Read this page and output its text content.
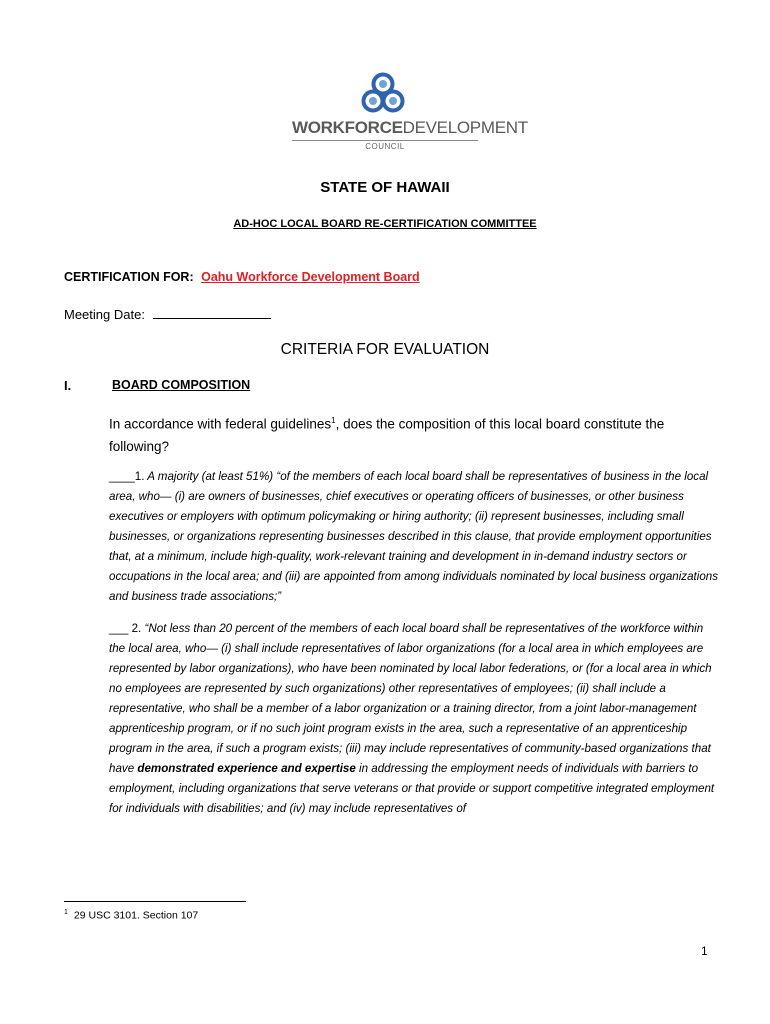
WORKFORCEDEVELOPMENT
COUNCIL
STATE OF HAWAII
AD-HOC LOCAL BOARD RE-CERTIFICATION COMMITTEE
CERTIFICATION FOR: Oahu Workforce Development Board
Meeting Date:
CRITERIA FOR EVALUATION
I.	BOARD COMPOSITION
In accordance with federal guidelines$^1$, does the composition of this local board constitute the following?
____1. A majority (at least 51%) “of the members of each local board shall be representatives of business in the local area, who— (i) are owners of businesses, chief executives or operating officers of businesses, or other business executives or employers with optimum policymaking or hiring authority; (ii) represent businesses, including small businesses, or organizations representing businesses described in this clause, that provide employment opportunities that, at a minimum, include high-quality, work-relevant training and development in in-demand industry sectors or occupations in the local area; and (iii) are appointed from among individuals nominated by local business organizations and business trade associations;”
___ 2. “Not less than 20 percent of the members of each local board shall be representatives of the workforce within the local area, who— (i) shall include representatives of labor organizations (for a local area in which employees are represented by labor organizations), who have been nominated by local labor federations, or (for a local area in which no employees are represented by such organizations) other representatives of employees; (ii) shall include a representative, who shall be a member of a labor organization or a training director, from a joint labor-management apprenticeship program, or if no such joint program exists in the area, such a representative of an apprenticeship program in the area, if such a program exists; (iii) may include representatives of community-based organizations that have demonstrated experience and expertise in addressing the employment needs of individuals with barriers to employment, including organizations that serve veterans or that provide or support competitive integrated employment for individuals with disabilities; and (iv) may include representatives of
$^1$ 29 USC 3101. Section 107
1
